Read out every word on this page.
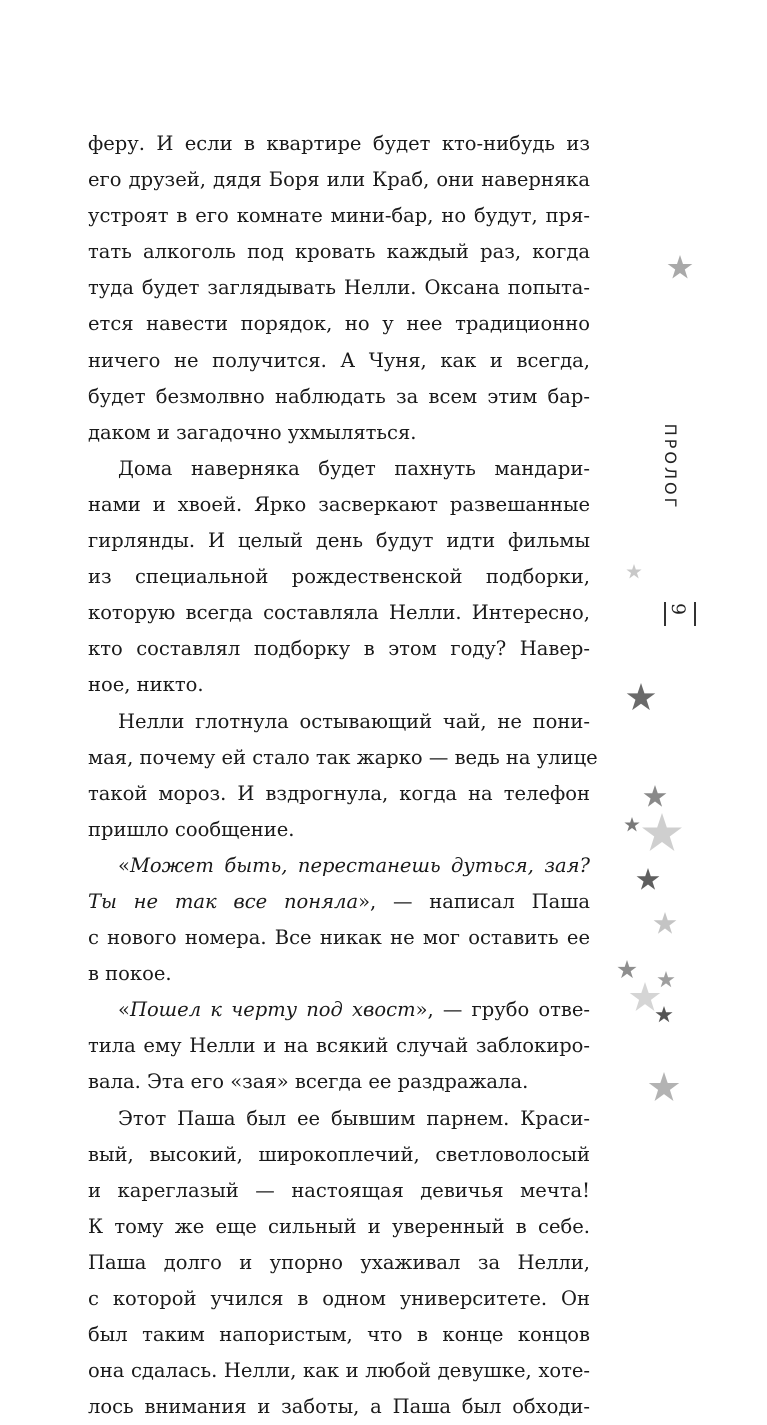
феру. И если в квартире будет кто-нибудь из
его друзей, дядя Боря или Краб, они наверняка
устроят в его комнате мини-бар, но будут, пря-
тать алкоголь под кровать каждый раз, когда
туда будет заглядывать Нелли. Оксана попыта-
ется навести порядок, но у нее традиционно
ничего не получится. А Чуня, как и всегда,
будет безмолвно наблюдать за всем этим бар-
даком и загадочно ухмыляться.
Дома наверняка будет пахнуть мандари-
нами и хвоей. Ярко засверкают развешанные
гирлянды. И целый день будут идти фильмы
из специальной рождественской подборки,
которую всегда составляла Нелли. Интересно,
кто составлял подборку в этом году? Навер-
ное, никто.
Нелли глотнула остывающий чай, не пони-
мая, почему ей стало так жарко — ведь на улице
такой мороз. И вздрогнула, когда на телефон
пришло сообщение.
«Может быть, перестанешь дуться, зая?
Ты не так все поняла», — написал Паша
с нового номера. Все никак не мог оставить ее
в покое.
«Пошел к черту под хвост», — грубо отве-
тила ему Нелли и на всякий случай заблокиро-
вала. Эта его «зая» всегда ее раздражала.
Этот Паша был ее бывшим парнем. Краси-
вый, высокий, широкоплечий, светловолосый
и кареглазый — настоящая девичья мечта!
К тому же еще сильный и уверенный в себе.
Паша долго и упорно ухаживал за Нелли,
с которой учился в одном университете. Он
был таким напористым, что в конце концов
она сдалась. Нелли, как и любой девушке, хоте-
лось внимания и заботы, а Паша был обходи-
ПРОЛОГ
9
